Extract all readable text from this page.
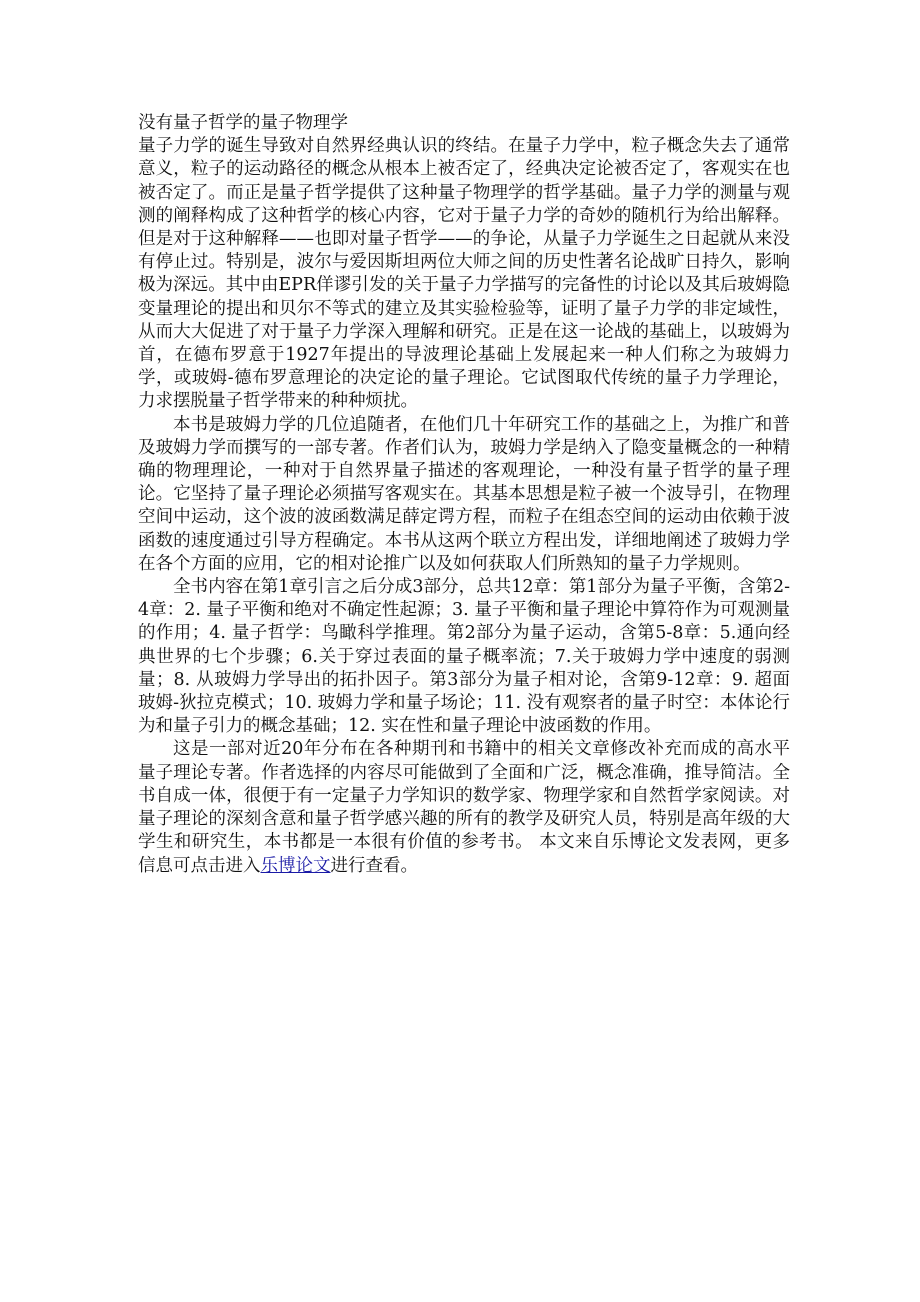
没有量子哲学的量子物理学

量子力学的诞生导致对自然界经典认识的终结。在量子力学中，粒子概念失去了通常意义，粒子的运动路径的概念从根本上被否定了，经典决定论被否定了，客观实在也被否定了。而正是量子哲学提供了这种量子物理学的哲学基础。量子力学的测量与观测的阐释构成了这种哲学的核心内容，它对于量子力学的奇妙的随机行为给出解释。但是对于这种解释——也即对量子哲学——的争论，从量子力学诞生之日起就从来没有停止过。特别是，波尔与爱因斯坦两位大师之间的历史性著名论战旷日持久，影响极为深远。其中由EPR佯谬引发的关于量子力学描写的完备性的讨论以及其后玻姆隐变量理论的提出和贝尔不等式的建立及其实验检验等，证明了量子力学的非定域性，从而大大促进了对于量子力学深入理解和研究。正是在这一论战的基础上，以玻姆为首，在德布罗意于1927年提出的导波理论基础上发展起来一种人们称之为玻姆力学，或玻姆-德布罗意理论的决定论的量子理论。它试图取代传统的量子力学理论，力求摆脱量子哲学带来的种种烦扰。

本书是玻姆力学的几位追随者，在他们几十年研究工作的基础之上，为推广和普及玻姆力学而撰写的一部专著。作者们认为，玻姆力学是纳入了隐变量概念的一种精确的物理理论，一种对于自然界量子描述的客观理论，一种没有量子哲学的量子理论。它坚持了量子理论必须描写客观实在。其基本思想是粒子被一个波导引，在物理空间中运动，这个波的波函数满足薛定谔方程，而粒子在组态空间的运动由依赖于波函数的速度通过引导方程确定。本书从这两个联立方程出发，详细地阐述了玻姆力学在各个方面的应用，它的相对论推广以及如何获取人们所熟知的量子力学规则。

全书内容在第1章引言之后分成3部分，总共12章：第1部分为量子平衡，含第2-4章：2. 量子平衡和绝对不确定性起源；3. 量子平衡和量子理论中算符作为可观测量的作用；4. 量子哲学：鸟瞰科学推理。第2部分为量子运动，含第5-8章：5.通向经典世界的七个步骤；6.关于穿过表面的量子概率流；7.关于玻姆力学中速度的弱测量；8. 从玻姆力学导出的拓扑因子。第3部分为量子相对论，含第9-12章：9. 超面玻姆-狄拉克模式；10. 玻姆力学和量子场论；11. 没有观察者的量子时空：本体论行为和量子引力的概念基础；12. 实在性和量子理论中波函数的作用。

这是一部对近20年分布在各种期刊和书籍中的相关文章修改补充而成的高水平量子理论专著。作者选择的内容尽可能做到了全面和广泛，概念准确，推导简洁。全书自成一体，很便于有一定量子力学知识的数学家、物理学家和自然哲学家阅读。对量子理论的深刻含意和量子哲学感兴趣的所有的教学及研究人员，特别是高年级的大学生和研究生，本书都是一本很有价值的参考书。 本文来自乐博论文发表网，更多信息可点击进入乐博论文进行查看。
